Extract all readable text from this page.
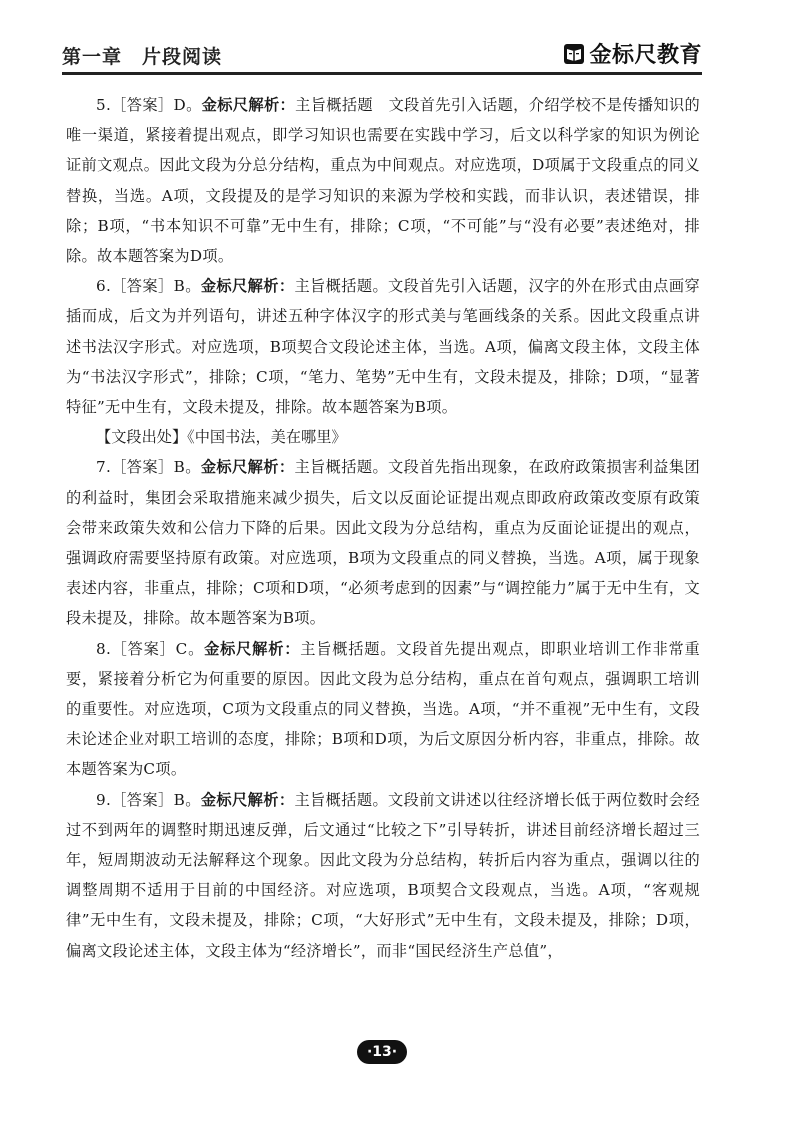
第一章　片段阅读	金标尺教育

5.［答案］D。金标尺解析：主旨概括题　文段首先引入话题，介绍学校不是传播知识的唯一渠道，紧接着提出观点，即学习知识也需要在实践中学习，后文以科学家的知识为例论证前文观点。因此文段为分总分结构，重点为中间观点。对应选项，D项属于文段重点的同义替换，当选。A项，文段提及的是学习知识的来源为学校和实践，而非认识，表述错误，排除；B项，“书本知识不可靠”无中生有，排除；C项，“不可能”与“没有必要”表述绝对，排除。故本题答案为D项。

6.［答案］B。金标尺解析：主旨概括题。文段首先引入话题，汉字的外在形式由点画穿插而成，后文为并列语句，讲述五种字体汉字的形式美与笔画线条的关系。因此文段重点讲述书法汉字形式。对应选项，B项契合文段论述主体，当选。A项，偏离文段主体，文段主体为“书法汉字形式”，排除；C项，“笔力、笔势”无中生有，文段未提及，排除；D项，“显著特征”无中生有，文段未提及，排除。故本题答案为B项。

【文段出处】《中国书法，美在哪里》

7.［答案］B。金标尺解析：主旨概括题。文段首先指出现象，在政府政策损害利益集团的利益时，集团会采取措施来减少损失，后文以反面论证提出观点即政府政策改变原有政策会带来政策失效和公信力下降的后果。因此文段为分总结构，重点为反面论证提出的观点，强调政府需要坚持原有政策。对应选项，B项为文段重点的同义替换，当选。A项，属于现象表述内容，非重点，排除；C项和D项，“必须考虑到的因素”与“调控能力”属于无中生有，文段未提及，排除。故本题答案为B项。

8.［答案］C。金标尺解析：主旨概括题。文段首先提出观点，即职业培训工作非常重要，紧接着分析它为何重要的原因。因此文段为总分结构，重点在首句观点，强调职工培训的重要性。对应选项，C项为文段重点的同义替换，当选。A项，“并不重视”无中生有，文段未论述企业对职工培训的态度，排除；B项和D项，为后文原因分析内容，非重点，排除。故本题答案为C项。

9.［答案］B。金标尺解析：主旨概括题。文段前文讲述以往经济增长低于两位数时会经过不到两年的调整时期迅速反弹，后文通过“比较之下”引导转折，讲述目前经济增长超过三年，短周期波动无法解释这个现象。因此文段为分总结构，转折后内容为重点，强调以往的调整周期不适用于目前的中国经济。对应选项，B项契合文段观点，当选。A项，“客观规律”无中生有，文段未提及，排除；C项，“大好形式”无中生有，文段未提及，排除；D项，偏离文段论述主体，文段主体为“经济增长”，而非“国民经济生产总值”，

·13·
